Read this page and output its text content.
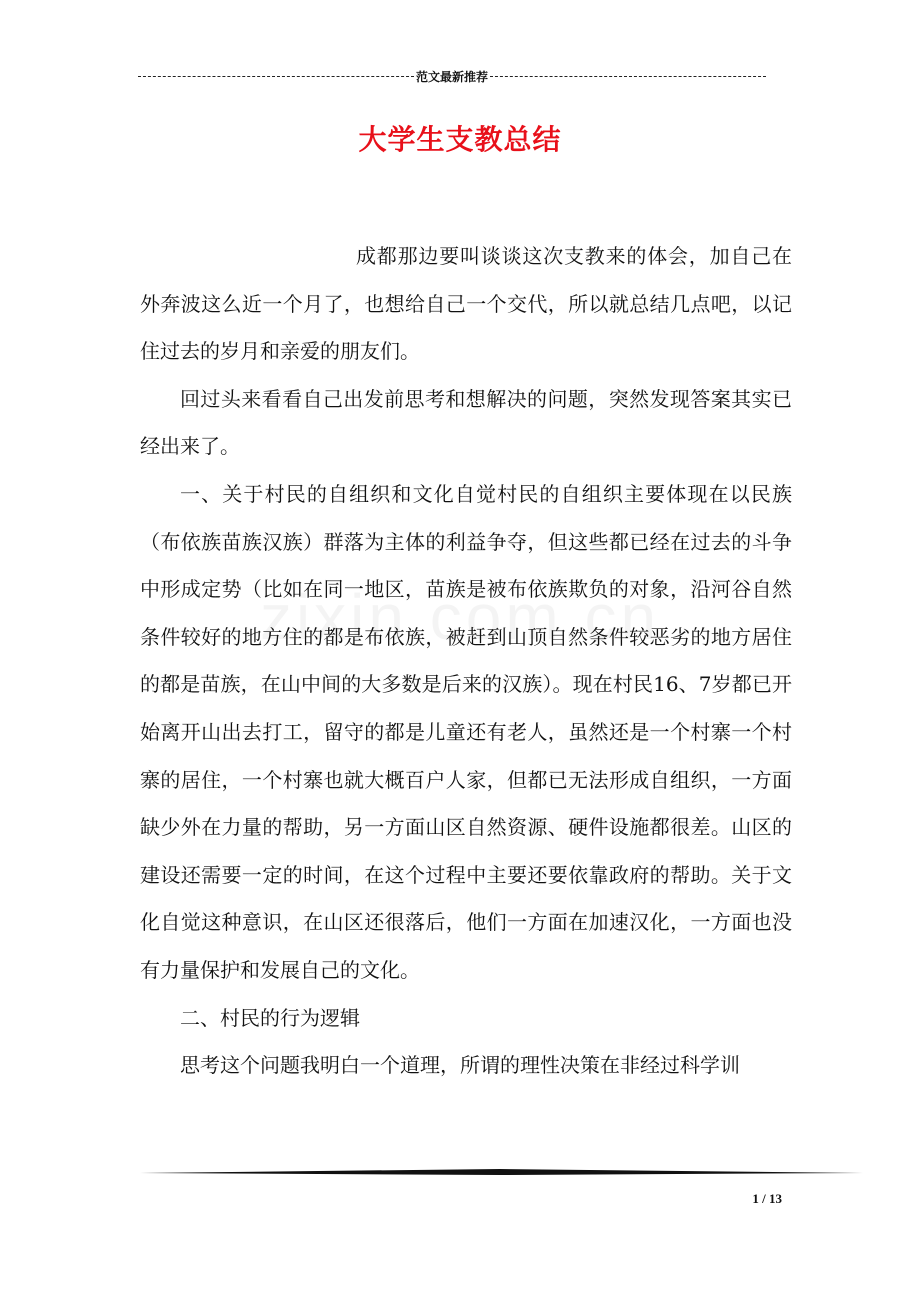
范文最新推荐
大学生支教总结

成都那边要叫谈谈这次支教来的体会，加自己在外奔波这么近一个月了，也想给自己一个交代，所以就总结几点吧，以记住过去的岁月和亲爱的朋友们。

回过头来看看自己出发前思考和想解决的问题，突然发现答案其实已经出来了。

一、关于村民的自组织和文化自觉村民的自组织主要体现在以民族（布依族苗族汉族）群落为主体的利益争夺，但这些都已经在过去的斗争中形成定势（比如在同一地区，苗族是被布依族欺负的对象，沿河谷自然条件较好的地方住的都是布依族，被赶到山顶自然条件较恶劣的地方居住的都是苗族，在山中间的大多数是后来的汉族）。现在村民16、7岁都已开始离开山出去打工，留守的都是儿童还有老人，虽然还是一个村寨一个村寨的居住，一个村寨也就大概百户人家，但都已无法形成自组织，一方面缺少外在力量的帮助，另一方面山区自然资源、硬件设施都很差。山区的建设还需要一定的时间，在这个过程中主要还要依靠政府的帮助。关于文化自觉这种意识，在山区还很落后，他们一方面在加速汉化，一方面也没有力量保护和发展自己的文化。

二、村民的行为逻辑

思考这个问题我明白一个道理，所谓的理性决策在非经过科学训

1 / 13
